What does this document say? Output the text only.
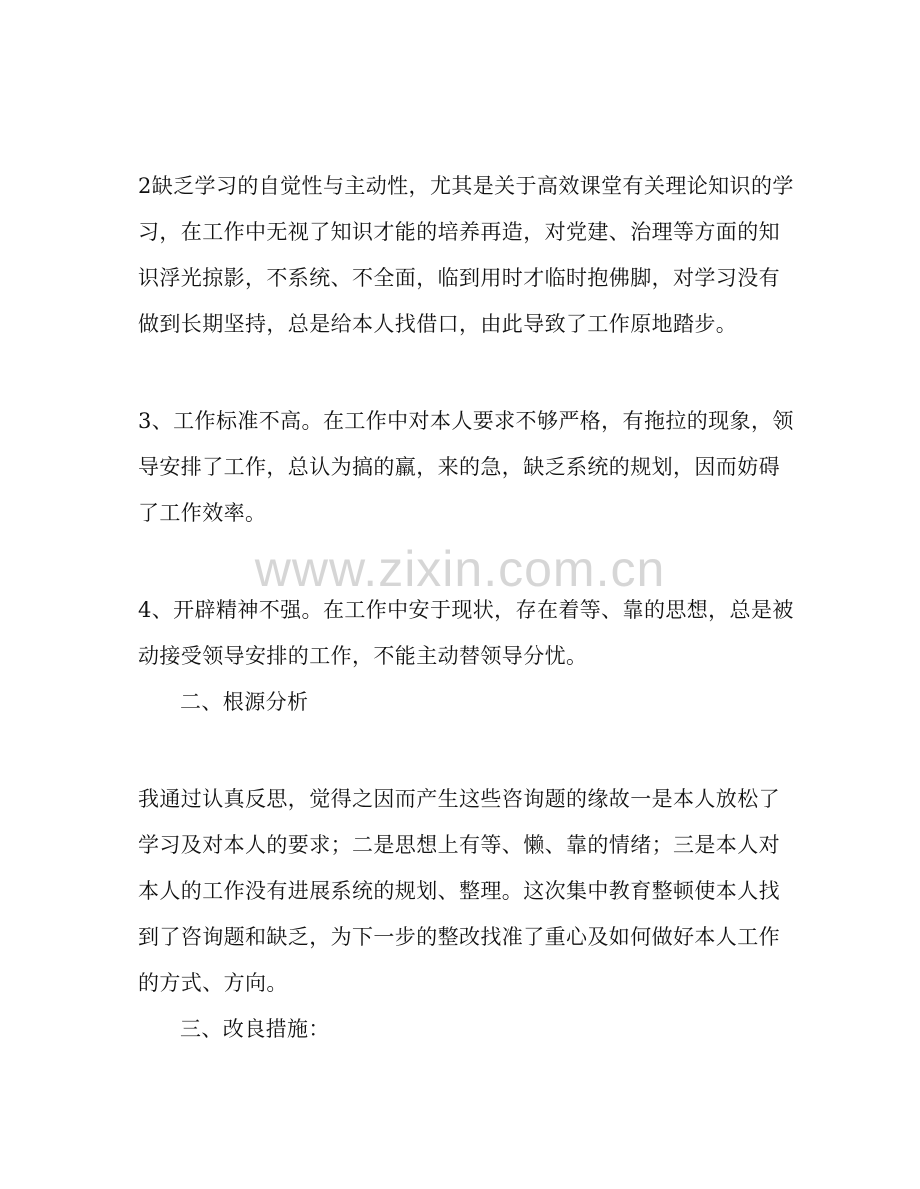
2缺乏学习的自觉性与主动性，尤其是关于高效课堂有关理论知识的学
习，在工作中无视了知识才能的培养再造，对党建、治理等方面的知
识浮光掠影，不系统、不全面，临到用时才临时抱佛脚，对学习没有
做到长期坚持，总是给本人找借口，由此导致了工作原地踏步。
3、工作标准不高。在工作中对本人要求不够严格，有拖拉的现象，领
导安排了工作，总认为搞的羸，来的急，缺乏系统的规划，因而妨碍
了工作效率。
4、开辟精神不强。在工作中安于现状，存在着等、靠的思想，总是被
动接受领导安排的工作，不能主动替领导分忧。
二、根源分析
我通过认真反思，觉得之因而产生这些咨询题的缘故一是本人放松了
学习及对本人的要求；二是思想上有等、懒、靠的情绪；三是本人对
本人的工作没有进展系统的规划、整理。这次集中教育整顿使本人找
到了咨询题和缺乏，为下一步的整改找准了重心及如何做好本人工作
的方式、方向。
三、改良措施：
www.zixin.com.cn
